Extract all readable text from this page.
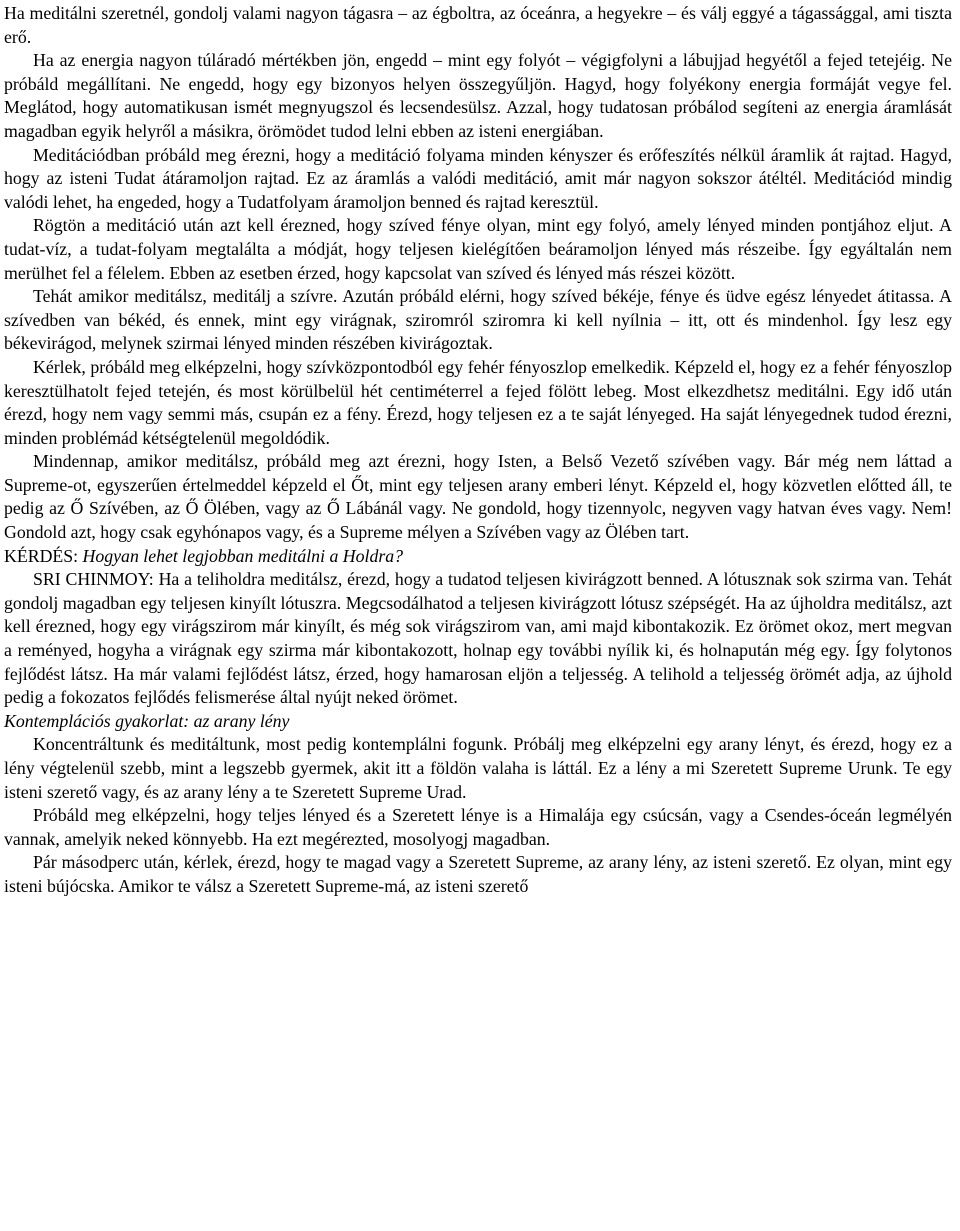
Ha meditálni szeretnél, gondolj valami nagyon tágasra – az égboltra, az óceánra, a hegyekre – és válj eggyé a tágassággal, ami tiszta erő.

Ha az energia nagyon túláradó mértékben jön, engedd – mint egy folyót – végigfolyni a lábujjad hegyétől a fejed tetejéig. Ne próbáld megállítani. Ne engedd, hogy egy bizonyos helyen összegyűljön. Hagyd, hogy folyékony energia formáját vegye fel. Meglátod, hogy automatikusan ismét megnyugszol és lecsendesülsz. Azzal, hogy tudatosan próbálod segíteni az energia áramlását magadban egyik helyről a másikra, örömödet tudod lelni ebben az isteni energiában.

Meditációdban próbáld meg érezni, hogy a meditáció folyama minden kényszer és erőfeszítés nélkül áramlik át rajtad. Hagyd, hogy az isteni Tudat átáramoljon rajtad. Ez az áramlás a valódi meditáció, amit már nagyon sokszor átéltél. Meditációd mindig valódi lehet, ha engeded, hogy a Tudatfolyam áramoljon benned és rajtad keresztül.

Rögtön a meditáció után azt kell érezned, hogy szíved fénye olyan, mint egy folyó, amely lényed minden pontjához eljut. A tudat-víz, a tudat-folyam megtalálta a módját, hogy teljesen kielégítően beáramoljon lényed más részeibe. Így egyáltalán nem merülhet fel a félelem. Ebben az esetben érzed, hogy kapcsolat van szíved és lényed más részei között.

Tehát amikor meditálsz, meditálj a szívre. Azután próbáld elérni, hogy szíved békéje, fénye és üdve egész lényedet átitassa. A szívedben van békéd, és ennek, mint egy virágnak, sziromról sziromra ki kell nyílnia – itt, ott és mindenhol. Így lesz egy békevirágod, melynek szirmai lényed minden részében kivirágoztak.

Kérlek, próbáld meg elképzelni, hogy szívközpontodból egy fehér fényoszlop emelkedik. Képzeld el, hogy ez a fehér fényoszlop keresztülhatolt fejed tetején, és most körülbelül hét centiméterrel a fejed fölött lebeg. Most elkezdhetsz meditálni. Egy idő után érezd, hogy nem vagy semmi más, csupán ez a fény. Érezd, hogy teljesen ez a te saját lényeged. Ha saját lényegednek tudod érezni, minden problémád kétségtelenül megoldódik.

Mindennap, amikor meditálsz, próbáld meg azt érezni, hogy Isten, a Belső Vezető szívében vagy. Bár még nem láttad a Supreme-ot, egyszerűen értelmeddel képzeld el Őt, mint egy teljesen arany emberi lényt. Képzeld el, hogy közvetlen előtted áll, te pedig az Ő Szívében, az Ő Ölében, vagy az Ő Lábánál vagy. Ne gondold, hogy tizennyolc, negyven vagy hatvan éves vagy. Nem! Gondold azt, hogy csak egyhónapos vagy, és a Supreme mélyen a Szívében vagy az Ölében tart.

KÉRDÉS: Hogyan lehet legjobban meditálni a Holdra?

SRI CHINMOY: Ha a teliholdra meditálsz, érezd, hogy a tudatod teljesen kivirágzott benned. A lótusznak sok szirma van. Tehát gondolj magadban egy teljesen kinyílt lótuszra. Megcsodálhatod a teljesen kivirágzott lótusz szépségét. Ha az újholdra meditálsz, azt kell érezned, hogy egy virágszirom már kinyílt, és még sok virágszirom van, ami majd kibontakozik. Ez örömet okoz, mert megvan a reményed, hogyha a virágnak egy szirma már kibontakozott, holnap egy további nyílik ki, és holnapután még egy. Így folytonos fejlődést látsz. Ha már valami fejlődést látsz, érzed, hogy hamarosan eljön a teljesség. A telihold a teljesség örömét adja, az újhold pedig a fokozatos fejlődés felismerése által nyújt neked örömet.

Kontemplációs gyakorlat: az arany lény

Koncentráltunk és meditáltunk, most pedig kontemplálni fogunk. Próbálj meg elképzelni egy arany lényt, és érezd, hogy ez a lény végtelenül szebb, mint a legszebb gyermek, akit itt a földön valaha is láttál. Ez a lény a mi Szeretett Supreme Urunk. Te egy isteni szerető vagy, és az arany lény a te Szeretett Supreme Urad.

Próbáld meg elképzelni, hogy teljes lényed és a Szeretett lénye is a Himalája egy csúcsán, vagy a Csendes-óceán legmélyén vannak, amelyik neked könnyebb. Ha ezt megérezted, mosolyogj magadban.

Pár másodperc után, kérlek, érezd, hogy te magad vagy a Szeretett Supreme, az arany lény, az isteni szerető. Ez olyan, mint egy isteni bújócska. Amikor te válsz a Szeretett Supreme-má, az isteni szerető
